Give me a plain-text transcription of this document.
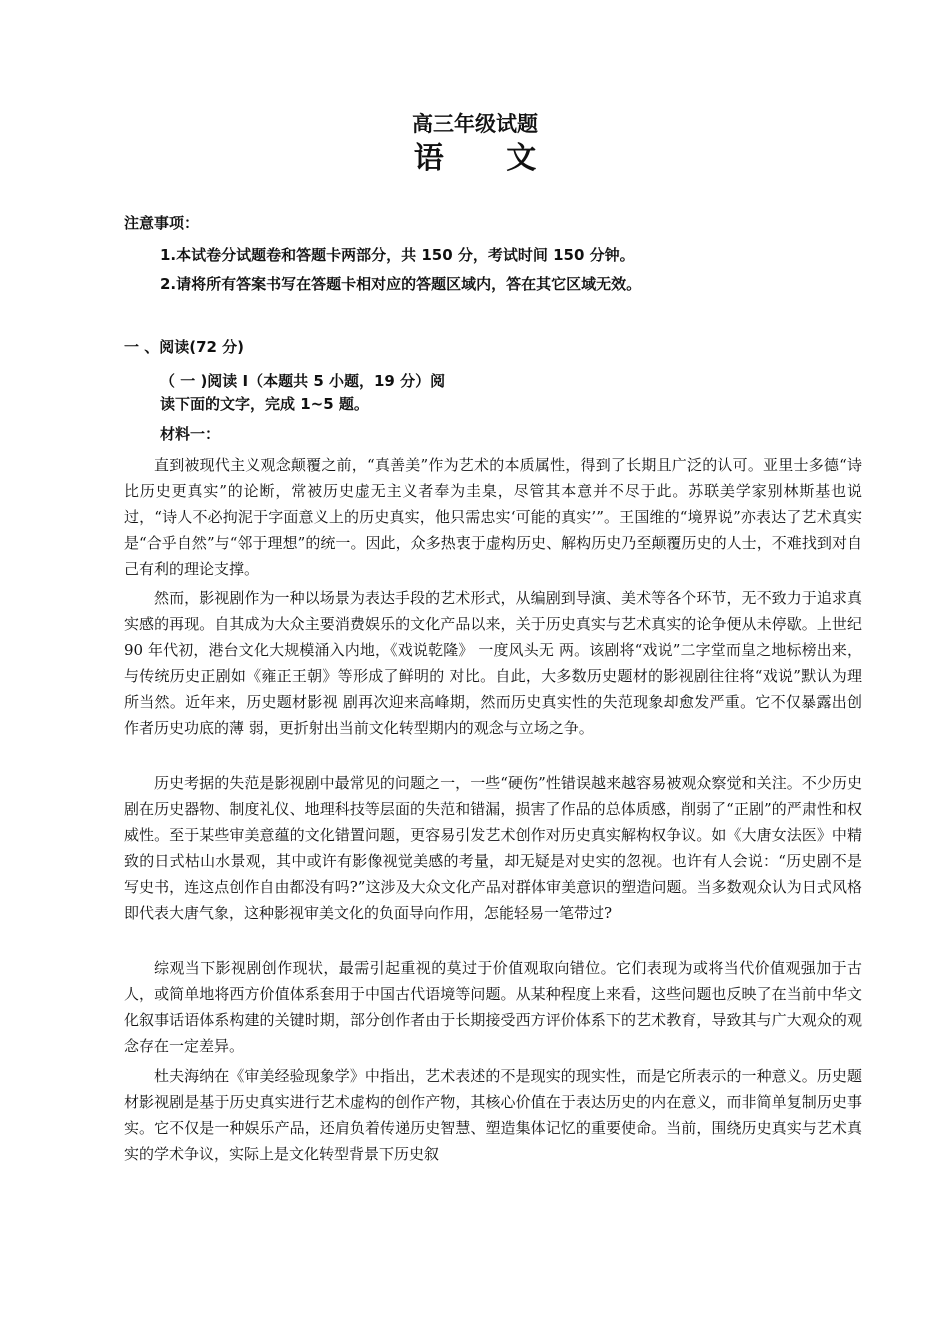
高三年级试题
语 文
注意事项：
1.本试卷分试题卷和答题卡两部分，共 150 分，考试时间 150 分钟。
2.请将所有答案书写在答题卡相对应的答题区域内，答在其它区域无效。
一 、阅读(72 分)
（ 一 )阅读 Ⅰ（本题共 5 小题，19 分）阅读下面的文字，完成 1~5 题。
材料一：

直到被现代主义观念颠覆之前，“真善美”作为艺术的本质属性，得到了长期且广泛的认可。亚里士多德“诗比历史更真实”的论断，常被历史虚无主义者奉为圭臬，尽管其本意并不尽于此。苏联美学家别林斯基也说过，“诗人不必拘泥于字面意义上的历史真实，他只需忠实‘可能的真实’”。王国维的“境界说”亦表达了艺术真实是“合乎自然”与“邻于理想”的统一。因此，众多热衷于虚构历史、解构历史乃至颠覆历史的人士，不难找到对自己有利的理论支撑。

然而，影视剧作为一种以场景为表达手段的艺术形式，从编剧到导演、美术等各个环节，无不致力于追求真实感的再现。自其成为大众主要消费娱乐的文化产品以来，关于历史真实与艺术真实的论争便从未停歇。上世纪 90 年代初，港台文化大规模涌入内地，《戏说乾隆》 一度风头无 两。该剧将“戏说”二字堂而皇之地标榜出来，与传统历史正剧如《雍正王朝》等形成了鲜明的 对比。自此，大多数历史题材的影视剧往往将“戏说”默认为理所当然。近年来，历史题材影视 剧再次迎来高峰期，然而历史真实性的失范现象却愈发严重。它不仅暴露出创作者历史功底的薄 弱，更折射出当前文化转型期内的观念与立场之争。

历史考据的失范是影视剧中最常见的问题之一，一些“硬伤”性错误越来越容易被观众察觉和关注。不少历史剧在历史器物、制度礼仪、地理科技等层面的失范和错漏，损害了作品的总体质感，削弱了“正剧”的严肃性和权威性。至于某些审美意蕴的文化错置问题，更容易引发艺术创作对历史真实解构权争议。如《大唐女法医》中精致的日式枯山水景观，其中或许有影像视觉美感的考量，却无疑是对史实的忽视。也许有人会说：“历史剧不是写史书，连这点创作自由都没有吗?”这涉及大众文化产品对群体审美意识的塑造问题。当多数观众认为日式风格即代表大唐气象，这种影视审美文化的负面导向作用，怎能轻易一笔带过?

综观当下影视剧创作现状，最需引起重视的莫过于价值观取向错位。它们表现为或将当代价值观强加于古人，或简单地将西方价值体系套用于中国古代语境等问题。从某种程度上来看，这些问题也反映了在当前中华文化叙事话语体系构建的关键时期，部分创作者由于长期接受西方评价体系下的艺术教育，导致其与广大观众的观念存在一定差异。

杜夫海纳在《审美经验现象学》中指出，艺术表述的不是现实的现实性，而是它所表示的一种意义。历史题材影视剧是基于历史真实进行艺术虚构的创作产物，其核心价值在于表达历史的内在意义，而非简单复制历史事实。它不仅是一种娱乐产品，还肩负着传递历史智慧、塑造集体记忆的重要使命。当前，围绕历史真实与艺术真实的学术争议，实际上是文化转型背景下历史叙
